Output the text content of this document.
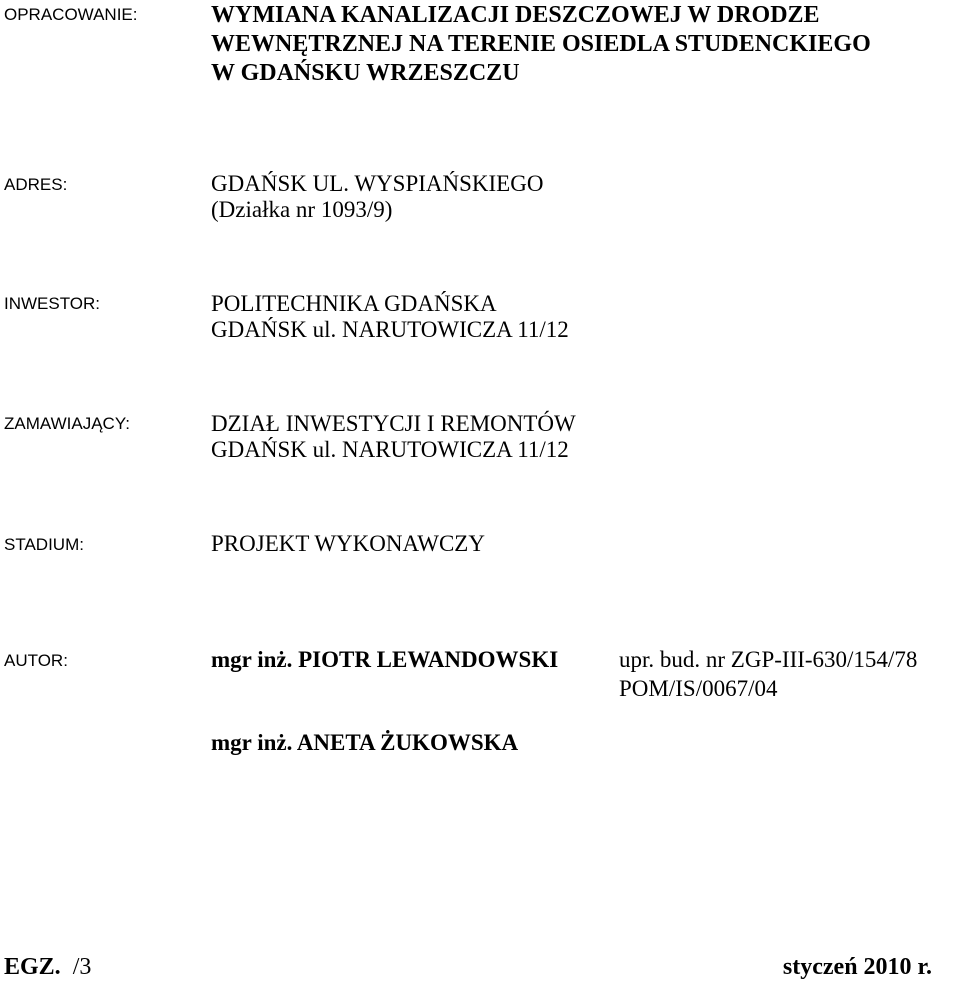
OPRACOWANIE:	WYMIANA KANALIZACJI DESZCZOWEJ W DRODZE
WEWNĘTRZNEJ NA TERENIE OSIEDLA STUDENCKIEGO
W GDAŃSKU WRZESZCZU
ADRES:	GDAŃSK UL. WYSPIAŃSKIEGO
(Działka nr 1093/9)
INWESTOR:	POLITECHNIKA GDAŃSKA
GDAŃSK ul. NARUTOWICZA 11/12
ZAMAWIAJĄCY:	DZIAŁ INWESTYCJI I REMONTÓW
GDAŃSK ul. NARUTOWICZA 11/12
STADIUM:	PROJEKT WYKONAWCZY
AUTOR:	mgr inż. PIOTR LEWANDOWSKI	upr. bud. nr ZGP-III-630/154/78
POM/IS/0067/04
mgr inż. ANETA ŻUKOWSKA
EGZ. /3	styczeń 2010 r.
